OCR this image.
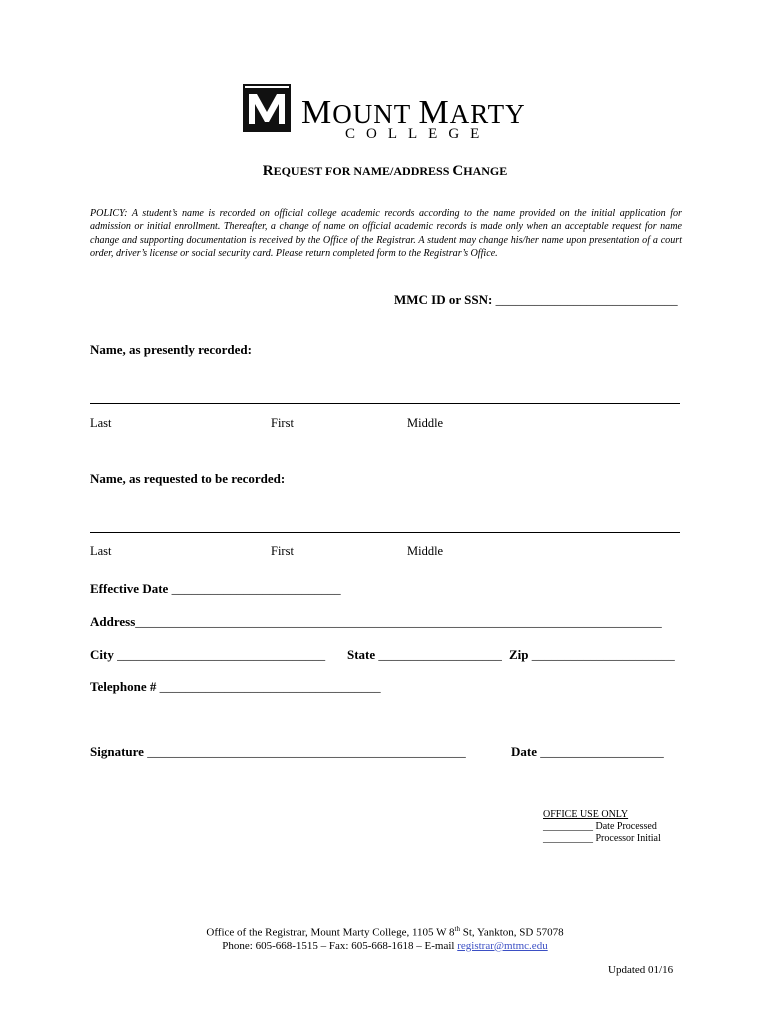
MOUNT MARTY
COLLEGE
REQUEST FOR NAME/ADDRESS CHANGE
POLICY: A student’s name is recorded on official college academic records according to the name provided on the initial application for admission or initial enrollment. Thereafter, a change of name on official academic records is made only when an acceptable request for name change and supporting documentation is received by the Office of the Registrar. A student may change his/her name upon presentation of a court order, driver’s license or social security card. Please return completed form to the Registrar’s Office.
MMC ID or SSN: ____________________________
Name, as presently recorded:
Last	First	Middle
Name, as requested to be recorded:
Last	First	Middle
Effective Date __________________________
Address_________________________________________________________________________________
City ________________________________ State ___________________ Zip ______________________
Telephone # __________________________________
Signature _________________________________________________	Date ___________________
OFFICE USE ONLY
__________ Date Processed
__________ Processor Initial
Office of the Registrar, Mount Marty College, 1105 W 8th St, Yankton, SD 57078
Phone: 605-668-1515 – Fax: 605-668-1618 – E-mail registrar@mtmc.edu
Updated 01/16
